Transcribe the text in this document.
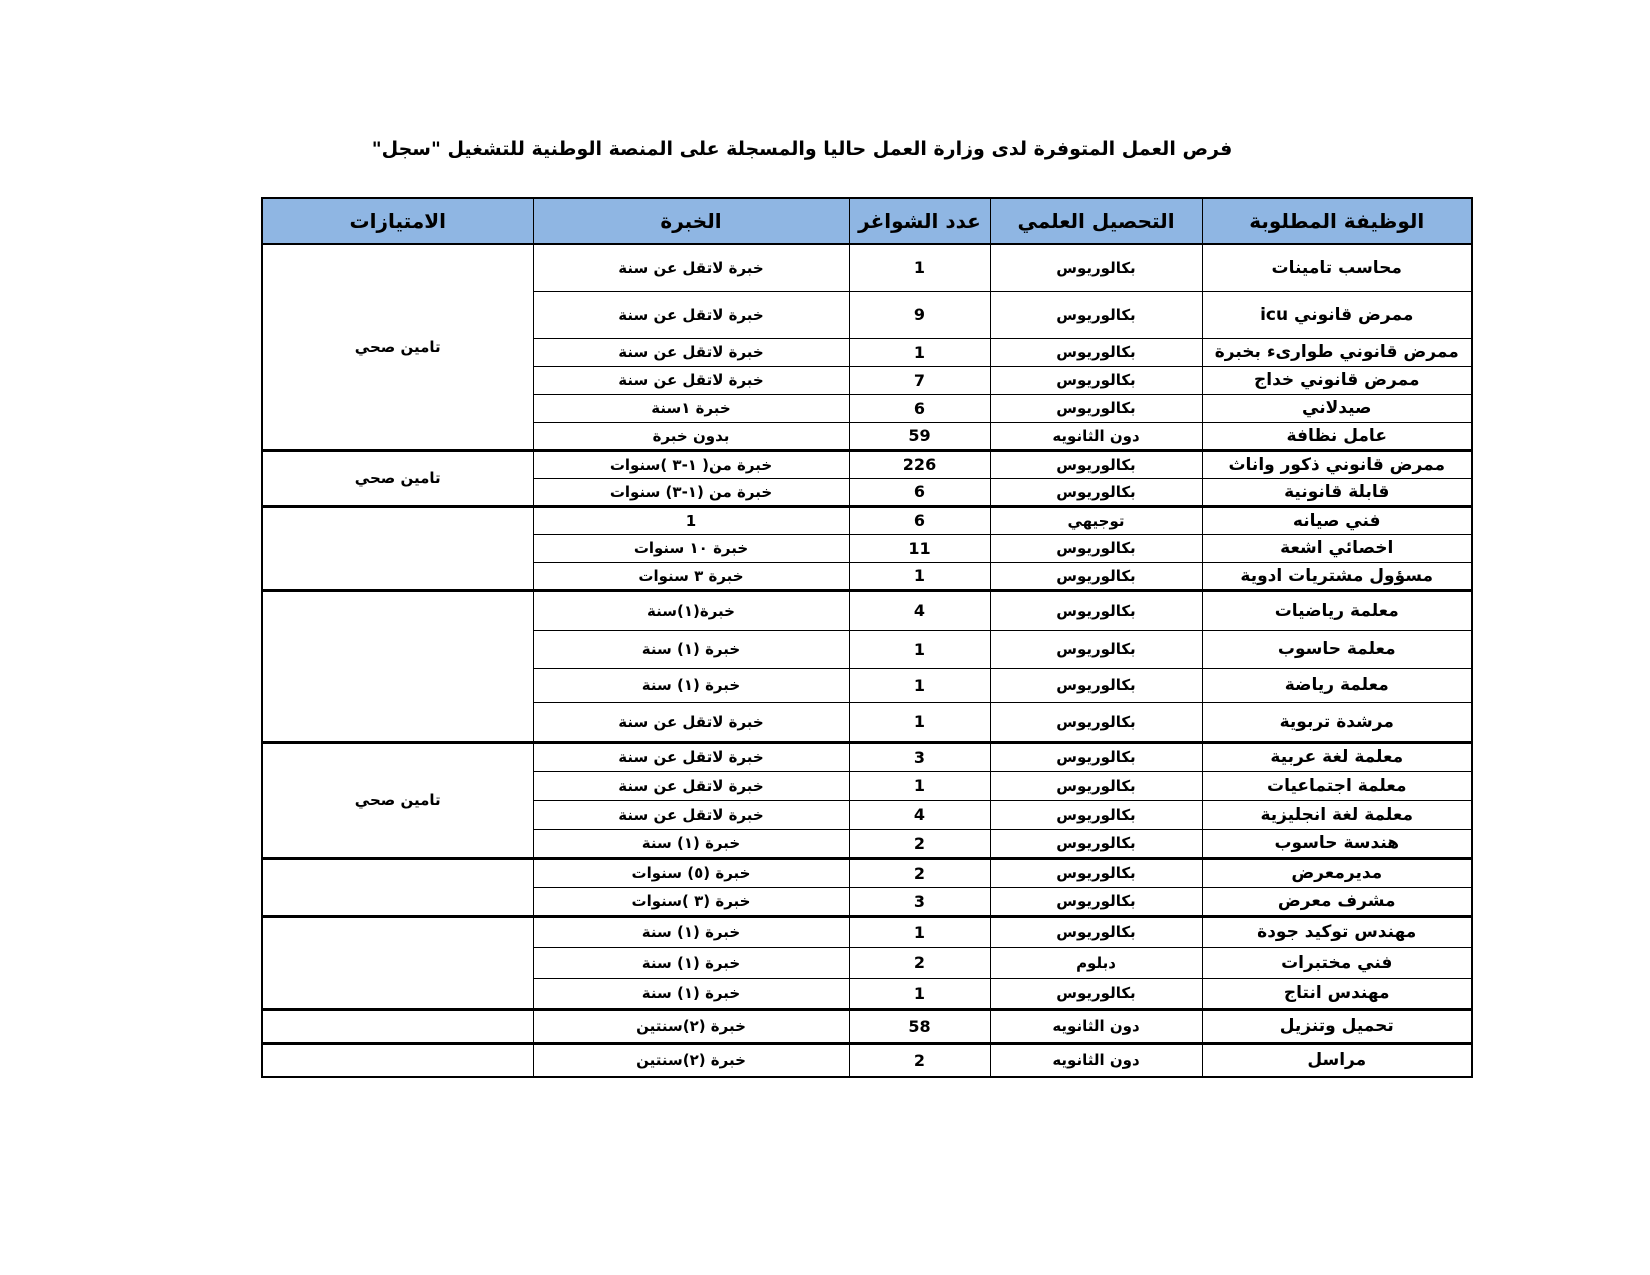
فرص العمل المتوفرة لدى وزارة العمل حاليا والمسجلة على المنصة الوطنية للتشغيل "سجل"
الوظيفة المطلوبة	التحصيل العلمي	عدد الشواغر	الخبرة	الامتيازات
محاسب تامينات	بكالوريوس	1	خبرة لاتقل عن سنة	تامين صحي
ممرض قانوني icu	بكالوريوس	9	خبرة لاتقل عن سنة	
ممرض قانوني طوارىء بخبرة	بكالوريوس	1	خبرة لاتقل عن سنة	
ممرض قانوني خداج	بكالوريوس	7	خبرة لاتقل عن سنة	
صيدلاني	بكالوريوس	6	خبرة ١سنة	
عامل نظافة	دون الثانويه	59	بدون خبرة	
ممرض قانوني ذكور واناث	بكالوريوس	226	خبرة من( ١-٣ )سنوات	تامين صحي
قابلة قانونية	بكالوريوس	6	خبرة من (١-٣) سنوات	
فني صيانه	توجيهي	6	1	
اخصائي اشعة	بكالوريوس	11	خبرة ١٠ سنوات	
مسؤول مشتريات ادوية	بكالوريوس	1	خبرة ٣ سنوات	
معلمة رياضيات	بكالوريوس	4	خبرة(١)سنة	
معلمة حاسوب	بكالوريوس	1	خبرة (١) سنة	
معلمة رياضة	بكالوريوس	1	خبرة (١) سنة	
مرشدة تربوية	بكالوريوس	1	خبرة لاتقل عن سنة	
معلمة لغة عربية	بكالوريوس	3	خبرة لاتقل عن سنة	تامين صحي
معلمة اجتماعيات	بكالوريوس	1	خبرة لاتقل عن سنة	
معلمة لغة انجليزية	بكالوريوس	4	خبرة لاتقل عن سنة	
هندسة حاسوب	بكالوريوس	2	خبرة (١) سنة	
مديرمعرض	بكالوريوس	2	خبرة (٥) سنوات	
مشرف معرض	بكالوريوس	3	خبرة (٣ )سنوات	
مهندس توكيد جودة	بكالوريوس	1	خبرة (١) سنة	
فني مختبرات	دبلوم	2	خبرة (١) سنة	
مهندس انتاج	بكالوريوس	1	خبرة (١) سنة	
تحميل وتنزيل	دون الثانويه	58	خبرة (٢)سنتين	
مراسل	دون الثانويه	2	خبرة (٢)سنتين	
